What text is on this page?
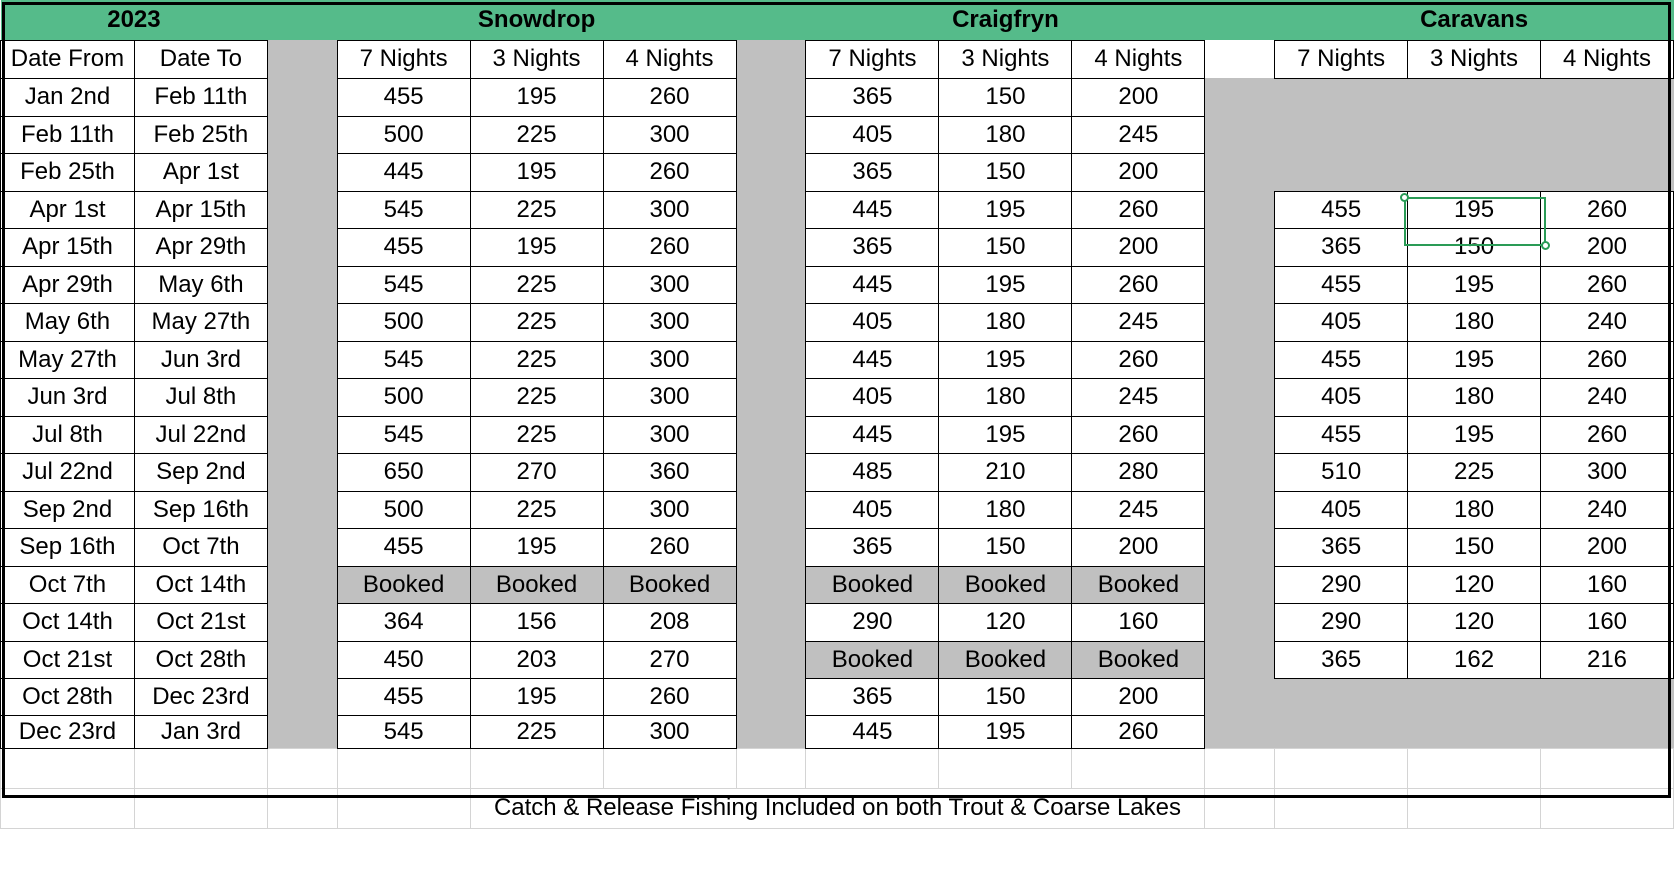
2023			Snowdrop				Craigfryn				Caravans		
Date From	Date To		7 Nights	3 Nights	4 Nights		7 Nights	3 Nights	4 Nights		7 Nights	3 Nights	4 Nights
Jan 2nd	Feb 11th		455	195	260		365	150	200				
Feb 11th	Feb 25th		500	225	300		405	180	245				
Feb 25th	Apr 1st		445	195	260		365	150	200				
Apr 1st	Apr 15th		545	225	300		445	195	260		455	195	260
Apr 15th	Apr 29th		455	195	260		365	150	200		365	150	200
Apr 29th	May 6th		545	225	300		445	195	260		455	195	260
May 6th	May 27th		500	225	300		405	180	245		405	180	240
May 27th	Jun 3rd		545	225	300		445	195	260		455	195	260
Jun 3rd	Jul 8th		500	225	300		405	180	245		405	180	240
Jul 8th	Jul 22nd		545	225	300		445	195	260		455	195	260
Jul 22nd	Sep 2nd		650	270	360		485	210	280		510	225	300
Sep 2nd	Sep 16th		500	225	300		405	180	245		405	180	240
Sep 16th	Oct 7th		455	195	260		365	150	200		365	150	200
Oct 7th	Oct 14th		Booked	Booked	Booked		Booked	Booked	Booked		290	120	160
Oct 14th	Oct 21st		364	156	208		290	120	160		290	120	160
Oct 21st	Oct 28th		450	203	270		Booked	Booked	Booked		365	162	216
Oct 28th	Dec 23rd		455	195	260		365	150	200				
Dec 23rd	Jan 3rd		545	225	300		445	195	260				

				Catch & Release Fishing Included on both Trout & Coarse Lakes									
